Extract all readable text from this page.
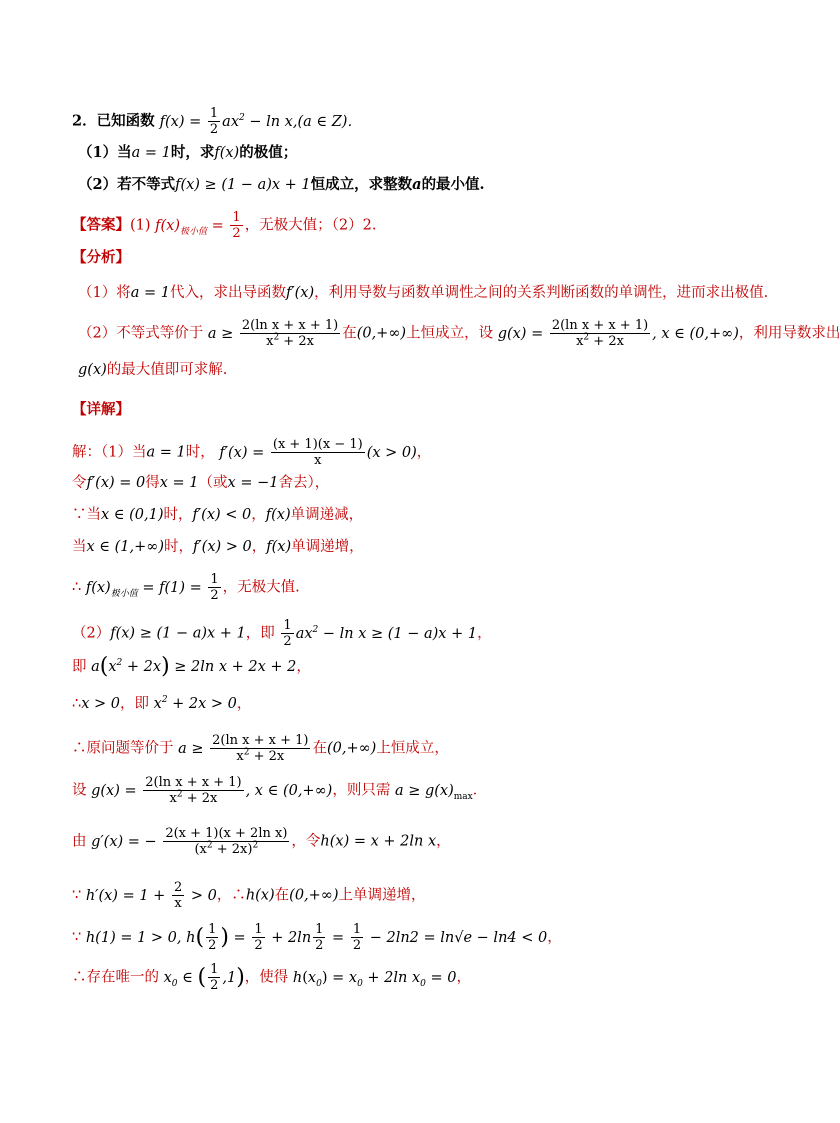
2．已知函数 $f(x) = \frac{1}{2} ax^2 - \ln x,(a$ ∈ Z)．
（1）当a = 1时，求f(x)的极值；
（2）若不等式f(x) ≥ (1 − a)x + 1恒成立，求整数a的最小值.
【答案】(1) $f(x)_{极小值} = \frac{1}{2}$ ，无极大值；（2）2.
【分析】
（1）将a = 1代入，求出导函数f′(x)，利用导数与函数单调性之间的关系判断函数的单调性，进而求出极值.
（2）不等式等价于 $a \ge \frac{\text{2(ln x + x + 1)}}{x^2 + 2x}$ 在(0,+∞)上恒成立，设 $g(x) = \frac{\text{2(ln x + x + 1)}}{x^2 + 2x}$ , x ∈ (0,+∞)，利用导数求出
g(x)的最大值即可求解.
【详解】
解：（1）当a = 1时， $f'(x) = \frac{(x + 1)(x - 1)}{x} (x > 0)$，
令f′(x) = 0得x = 1（或x = −1舍去），
∵当x ∈ (0,1)时，f′(x) < 0，f(x)单调递减，
当x ∈ (1,+∞)时，f′(x) > 0，f(x)单调递增，
∴ $f(x)_{极小值} = f(1) = \frac{1}{2}$ ，无极大值.
（2）f(x) ≥ (1 − a)x + 1，即 $\frac{1}{2} ax^2 - \ln x \ge (1 - a)x + 1$，
即 $a(x^2 + 2x) \ge 2\ln$ x + 2x + 2，
∴x > 0，即 $x^2 + 2x > 0$，
∴原问题等价于 $a \ge \frac{\text{2(ln x + x + 1)}}{x^2 + 2x}$ 在(0,+∞)上恒成立，
设 $g(x) = \frac{\text{2(ln x + x + 1)}}{x^2 + 2x}$ , x ∈ (0,+∞)，则只需 $a \ge g(x)_{max}$．
由 g′(x) = − $\frac{\text{2(x + 1)(x + 2ln x)}}{(x^2 + 2x)^2}$ ，令h(x) = x + 2ln x，
∵ $h'(x) = 1 + \frac{2}{x} > 0$，∴h(x)在(0,+∞)上单调递增，
∵ h(1) = 1 > 0, $h( \frac{1}{2}$ ) = $\frac{1}{2} + 2\ln \frac{1}{2} = \frac{1}{2} - 2\ln 2 = \ln√e - \ln 4 < 0$，
∴存在唯一的 $x_0$ ∈ ( $\frac{1}{2} ,1$)，使得 $h(x_0) = x_0 + 2\ln$ $x_0 = 0$，
